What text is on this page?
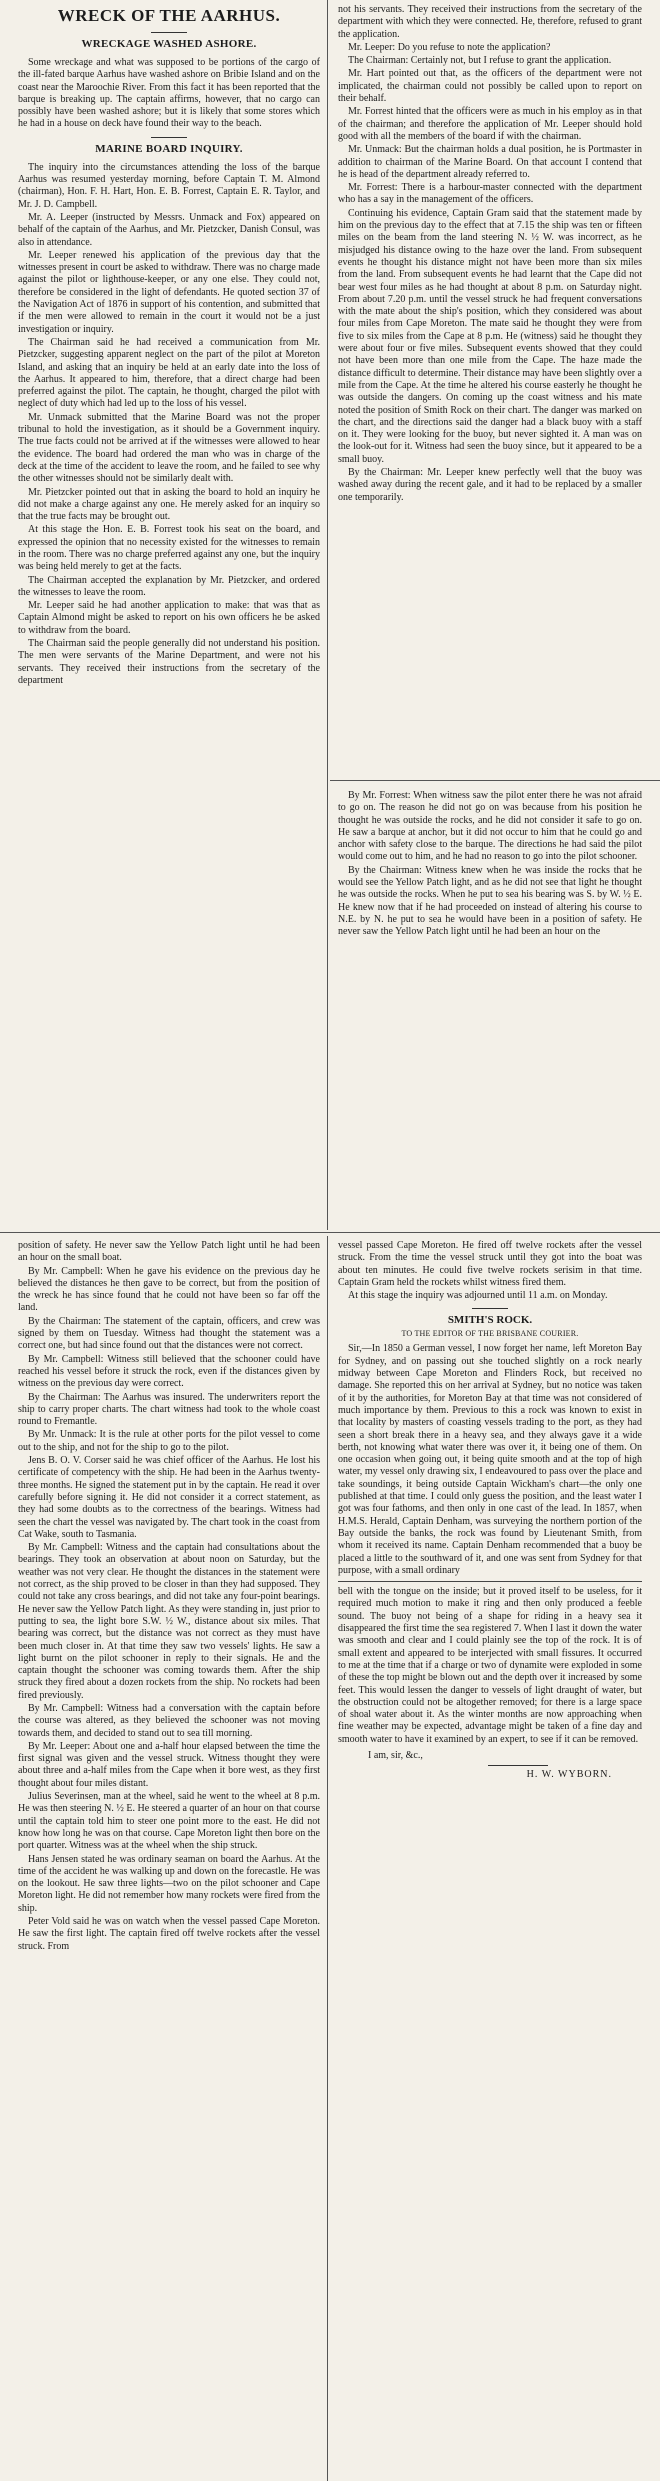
WRECK OF THE AARHUS.
WRECKAGE WASHED ASHORE.

Some wreckage and what was supposed to be portions of the cargo of the ill-fated barque Aarhus have washed ashore on Bribie Island and on the coast near the Maroochie River. From this fact it has been reported that the barque is breaking up. The captain affirms, however, that no cargo can possibly have been washed ashore; but it is likely that some stores which he had in a house on deck have found their way to the beach.

MARINE BOARD INQUIRY.

The inquiry into the circumstances attending the loss of the barque Aarhus was resumed yesterday morning, before Captain T. M. Almond (chairman), Hon. F. H. Hart, Hon. E. B. Forrest, Captain E. R. Taylor, and Mr. J. D. Campbell.

Mr. A. Leeper (instructed by Messrs. Unmack and Fox) appeared on behalf of the captain of the Aarhus, and Mr. Pietzcker, Danish Consul, was also in attendance.

Mr. Leeper renewed his application of the previous day that the witnesses present in court be asked to withdraw. There was no charge made against the pilot or lighthouse-keeper, or any one else. They could not, therefore be considered in the light of defendants. He quoted section 37 of the Navigation Act of 1876 in support of his contention, and submitted that if the men were allowed to remain in the court it would not be a just investigation or inquiry.

The Chairman said he had received a communication from Mr. Pietzcker, suggesting apparent neglect on the part of the pilot at Moreton Island, and asking that an inquiry be held at an early date into the loss of the Aarhus. It appeared to him, therefore, that a direct charge had been preferred against the pilot. The captain, he thought, charged the pilot with neglect of duty which had led up to the loss of his vessel.

Mr. Unmack submitted that the Marine Board was not the proper tribunal to hold the investigation, as it should be a Government inquiry. The true facts could not be arrived at if the witnesses were allowed to hear the evidence. The board had ordered the man who was in charge of the deck at the time of the accident to leave the room, and he failed to see why the other witnesses should not be similarly dealt with.

Mr. Pietzcker pointed out that in asking the board to hold an inquiry he did not make a charge against any one. He merely asked for an inquiry so that the true facts may be brought out.

At this stage the Hon. E. B. Forrest took his seat on the board, and expressed the opinion that no necessity existed for the witnesses to remain in the room. There was no charge preferred against any one, but the inquiry was being held merely to get at the facts.

The Chairman accepted the explanation by Mr. Pietzcker, and ordered the witnesses to leave the room.

Mr. Leeper said he had another application to make: that was that as Captain Almond might be asked to report on his own officers he be asked to withdraw from the board.

The Chairman said the people generally did not understand his position. The men were servants of the Marine Department, and were not his servants. They received their instructions from the secretary of the department

not his servants. They received their instructions from the secretary of the department with which they were connected. He, therefore, refused to grant the application.

Mr. Leeper: Do you refuse to note the application?

The Chairman: Certainly not, but I refuse to grant the application.

Mr. Hart pointed out that, as the officers of the department were not implicated, the chairman could not possibly be called upon to report on their behalf.

Mr. Forrest hinted that the officers were as much in his employ as in that of the chairman; and therefore the application of Mr. Leeper should hold good with all the members of the board if with the chairman.

Mr. Unmack: But the chairman holds a dual position, he is Portmaster in addition to chairman of the Marine Board. On that account I contend that he is head of the department already referred to.

Mr. Forrest: There is a harbour-master connected with the department who has a say in the management of the officers.

Continuing his evidence, Captain Gram said that the statement made by him on the previous day to the effect that at 7.15 the ship was ten or fifteen miles on the beam from the land steering N. ½ W. was incorrect, as he misjudged his distance owing to the haze over the land. From subsequent events he thought his distance might not have been more than six miles from the land. From subsequent events he had learnt that the Cape did not bear west four miles as he had thought at about 8 p.m. on Saturday night. From about 7.20 p.m. until the vessel struck he had frequent conversations with the mate about the ship's position, which they considered was about four miles from Cape Moreton. The mate said he thought they were from five to six miles from the Cape at 8 p.m. He (witness) said he thought they were about four or five miles. Subsequent events showed that they could not have been more than one mile from the Cape. The haze made the distance difficult to determine. Their distance may have been slightly over a mile from the Cape. At the time he altered his course easterly he thought he was outside the dangers. On coming up the coast witness and his mate noted the position of Smith Rock on their chart. The danger was marked on the chart, and the directions said the danger had a black buoy with a staff on it. They were looking for the buoy, but never sighted it. A man was on the look-out for it. Witness had seen the buoy since, but it appeared to be a small buoy.

By the Chairman: Mr. Leeper knew perfectly well that the buoy was washed away during the recent gale, and it had to be replaced by a smaller one temporarily.

By Mr. Forrest: When witness saw the pilot enter there he was not afraid to go on. The reason he did not go on was because from his position he thought he was outside the rocks, and he did not consider it safe to go on. He saw a barque at anchor, but it did not occur to him that he could go and anchor with safety close to the barque. The directions he had said the pilot would come out to him, and he had no reason to go into the pilot schooner.

By the Chairman: Witness knew when he was inside the rocks that he would see the Yellow Patch light, and as he did not see that light he thought he was outside the rocks. When he put to sea his bearing was S. by W. ½ E. He knew now that if he had proceeded on instead of altering his course to N.E. by N. he put to sea he would have been in a position of safety. He never saw the Yellow Patch light until he had been an hour on the

position of safety. He never saw the Yellow Patch light until he had been an hour on the small boat.

By Mr. Campbell: When he gave his evidence on the previous day he believed the distances he then gave to be correct, but from the position of the wreck he has since found that he could not have been so far off the land.

By the Chairman: The statement of the captain, officers, and crew was signed by them on Tuesday. Witness had thought the statement was a correct one, but had since found out that the distances were not correct.

By Mr. Campbell: Witness still believed that the schooner could have reached his vessel before it struck the rock, even if the distances given by witness on the previous day were correct.

By the Chairman: The Aarhus was insured. The underwriters report the ship to carry proper charts. The chart witness had took to the whole coast round to Fremantle.

By Mr. Unmack: It is the rule at other ports for the pilot vessel to come out to the ship, and not for the ship to go to the pilot.

Jens B. O. V. Corser said he was chief officer of the Aarhus. He lost his certificate of competency with the ship. He had been in the Aarhus twenty-three months. He signed the statement put in by the captain. He read it over carefully before signing it. He did not consider it a correct statement, as they had some doubts as to the correctness of the bearings. Witness had seen the chart the vessel was navigated by. The chart took in the coast from Cat Wake, south to Tasmania.

By Mr. Campbell: Witness and the captain had consultations about the bearings. They took an observation at about noon on Saturday, but the weather was not very clear. He thought the distances in the statement were not correct, as the ship proved to be closer in than they had supposed. They could not take any cross bearings, and did not take any four-point bearings. He never saw the Yellow Patch light. As they were standing in, just prior to putting to sea, the light bore S.W. ½ W., distance about six miles. That bearing was correct, but the distance was not correct as they must have been much closer in. At that time they saw two vessels' lights. He saw a light burnt on the pilot schooner in reply to their signals. He and the captain thought the schooner was coming towards them. After the ship struck they fired about a dozen rockets from the ship. No rockets had been fired previously.

By Mr. Campbell: Witness had a conversation with the captain before the course was altered, as they believed the schooner was not moving towards them, and decided to stand out to sea till morning.

By Mr. Leeper: About one and a-half hour elapsed between the time the first signal was given and the vessel struck. Witness thought they were about three and a-half miles from the Cape when it bore west, as they first thought about four miles distant.

Julius Severinsen, man at the wheel, said he went to the wheel at 8 p.m. He was then steering N. ½ E. He steered a quarter of an hour on that course until the captain told him to steer one point more to the east. He did not know how long he was on that course. Cape Moreton light then bore on the port quarter. Witness was at the wheel when the ship struck.

Hans Jensen stated he was ordinary seaman on board the Aarhus. At the time of the accident he was walking up and down on the forecastle. He was on the lookout. He saw three lights—two on the pilot schooner and Cape Moreton light. He did not remember how many rockets were fired from the ship.

Peter Vold said he was on watch when the vessel passed Cape Moreton. He saw the first light. The captain fired off twelve rockets after the vessel struck. From

vessel passed Cape Moreton. He fired off twelve rockets after the vessel struck. From the time the vessel struck until they got into the boat was about ten minutes. He could five twelve rockets serisim in that time. Captain Gram held the rockets whilst witness fired them.

At this stage the inquiry was adjourned until 11 a.m. on Monday.

SMITH'S ROCK.
TO THE EDITOR OF THE BRISBANE COURIER.

Sir,—In 1850 a German vessel, I now forget her name, left Moreton Bay for Sydney, and on passing out she touched slightly on a rock nearly midway between Cape Moreton and Flinders Rock, but received no damage. She reported this on her arrival at Sydney, but no notice was taken of it by the authorities, for Moreton Bay at that time was not considered of much importance by them. Previous to this a rock was known to exist in that locality by masters of coasting vessels trading to the port, as they had seen a short break there in a heavy sea, and they always gave it a wide berth, not knowing what water there was over it, it being one of them. On one occasion when going out, it being quite smooth and at the top of high water, my vessel only drawing six, I endeavoured to pass over the place and take soundings, it being outside Captain Wickham's chart—the only one published at that time. I could only guess the position, and the least water I got was four fathoms, and then only in one cast of the lead. In 1857, when H.M.S. Herald, Captain Denham, was surveying the northern portion of the Bay outside the banks, the rock was found by Lieutenant Smith, from whom it received its name. Captain Denham recommended that a buoy be placed a little to the southward of it, and one was sent from Sydney for that purpose, with a small ordinary

bell with the tongue on the inside; but it proved itself to be useless, for it required much motion to make it ring and then only produced a feeble sound. The buoy not being of a shape for riding in a heavy sea it disappeared the first time the sea registered 7. When I last it down the water was smooth and clear and I could plainly see the top of the rock. It is of small extent and appeared to be interjected with small fissures. It occurred to me at the time that if a charge or two of dynamite were exploded in some of these the top might be blown out and the depth over it increased by some feet. This would lessen the danger to vessels of light draught of water, but the obstruction could not be altogether removed; for there is a large space of shoal water about it. As the winter months are now approaching when fine weather may be expected, advantage might be taken of a fine day and smooth water to have it examined by an expert, to see if it can be removed.

I am, sir, &c.,

H. W. WYBORN.
